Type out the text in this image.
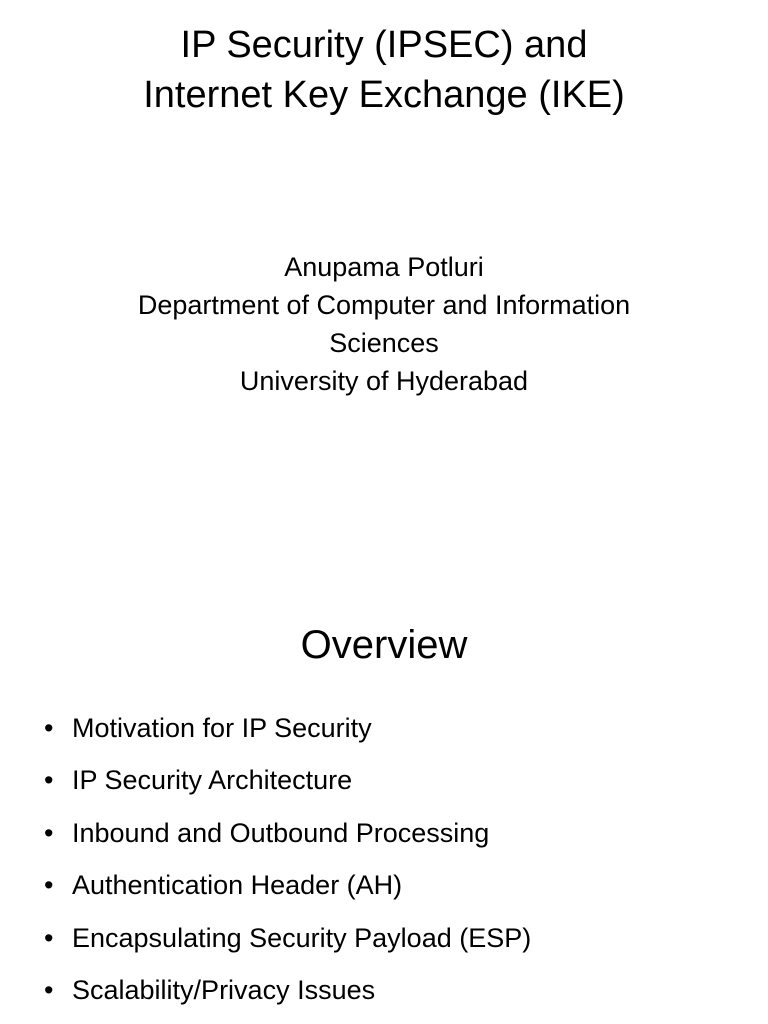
IP Security (IPSEC) and
Internet Key Exchange (IKE)
Anupama Potluri
Department of Computer and Information
Sciences
University of Hyderabad
Overview
• Motivation for IP Security
• IP Security Architecture
• Inbound and Outbound Processing
• Authentication Header (AH)
• Encapsulating Security Payload (ESP)
• Scalability/Privacy Issues
